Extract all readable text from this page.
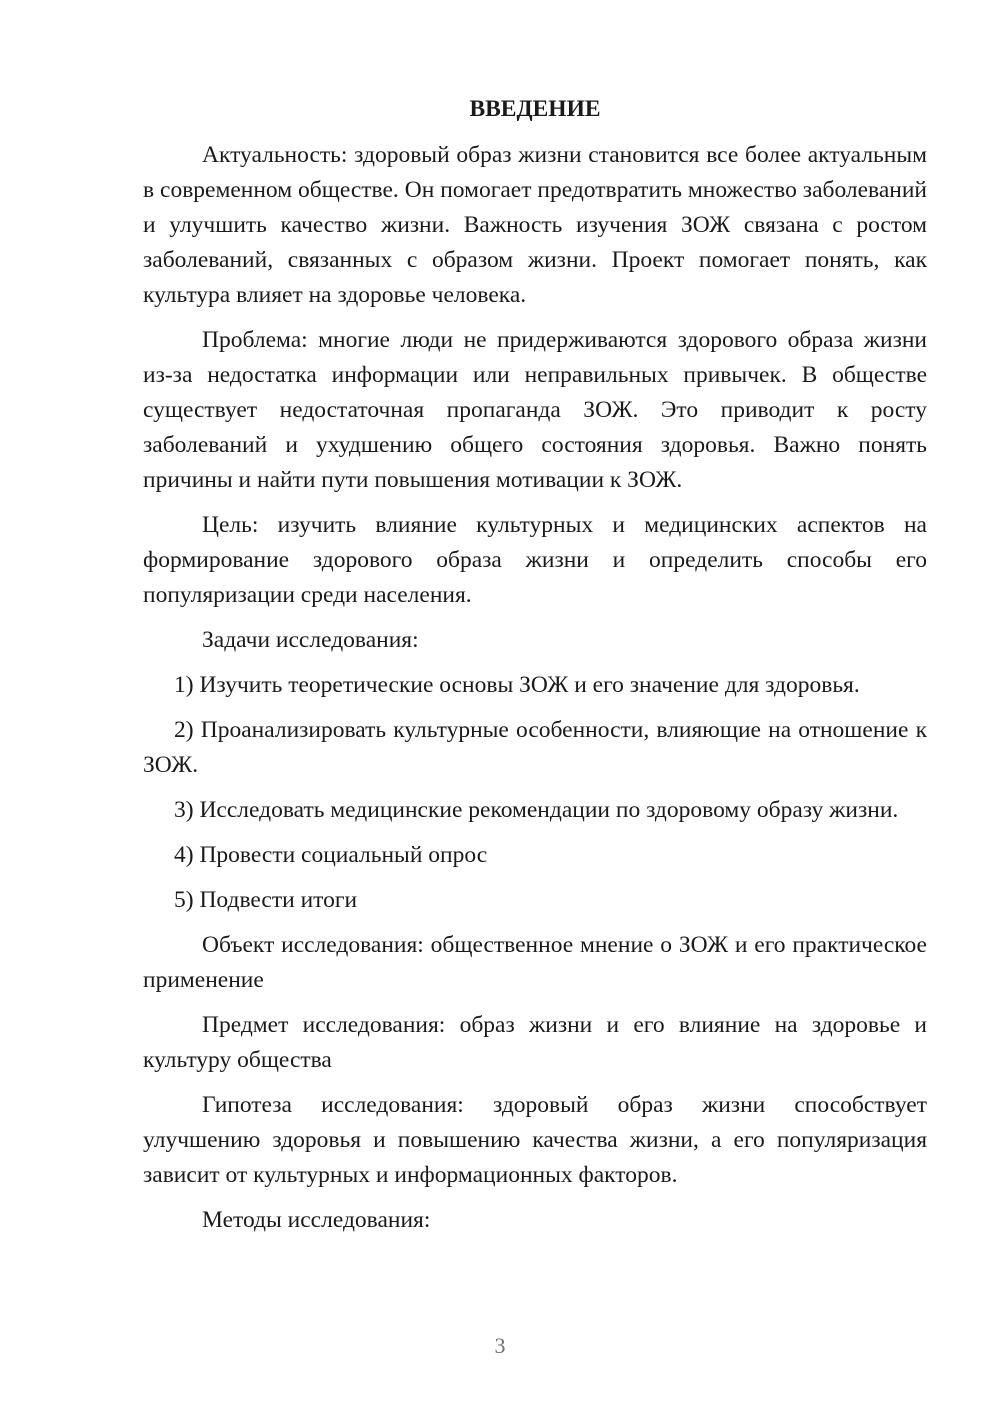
ВВЕДЕНИЕ

Актуальность: здоровый образ жизни становится все более актуальным в современном обществе. Он помогает предотвратить множество заболеваний и улучшить качество жизни. Важность изучения ЗОЖ связана с ростом заболеваний, связанных с образом жизни. Проект помогает понять, как культура влияет на здоровье человека.

Проблема: многие люди не придерживаются здорового образа жизни из-за недостатка информации или неправильных привычек. В обществе существует недостаточная пропаганда ЗОЖ. Это приводит к росту заболеваний и ухудшению общего состояния здоровья. Важно понять причины и найти пути повышения мотивации к ЗОЖ.

Цель: изучить влияние культурных и медицинских аспектов на формирование здорового образа жизни и определить способы его популяризации среди населения.

Задачи исследования:

1) Изучить теоретические основы ЗОЖ и его значение для здоровья.

2) Проанализировать культурные особенности, влияющие на отношение к ЗОЖ.

3) Исследовать медицинские рекомендации по здоровому образу жизни.

4) Провести социальный опрос

5) Подвести итоги

Объект исследования: общественное мнение о ЗОЖ и его практическое применение

Предмет исследования: образ жизни и его влияние на здоровье и культуру общества

Гипотеза исследования: здоровый образ жизни способствует улучшению здоровья и повышению качества жизни, а его популяризация зависит от культурных и информационных факторов.

Методы исследования:

3
